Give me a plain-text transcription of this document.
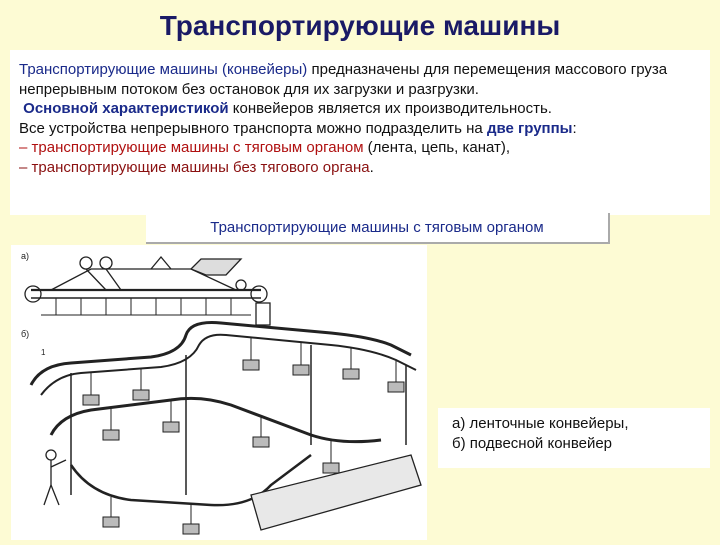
Транспортирующие машины

Транспортирующие машины (конвейеры) предназначены для перемещения массового груза непрерывным потоком без остановок для их загрузки и разгрузки.

Основной характеристикой конвейеров является их производительность.

Все устройства непрерывного транспорта можно подразделить на две группы:

– транспортирующие машины с тяговым органом (лента, цепь, канат),

– транспортирующие машины без тягового органа.

Транспортирующие машины с тяговым органом
а)
б)
1
а) ленточные конвейеры,
б) подвесной конвейер
